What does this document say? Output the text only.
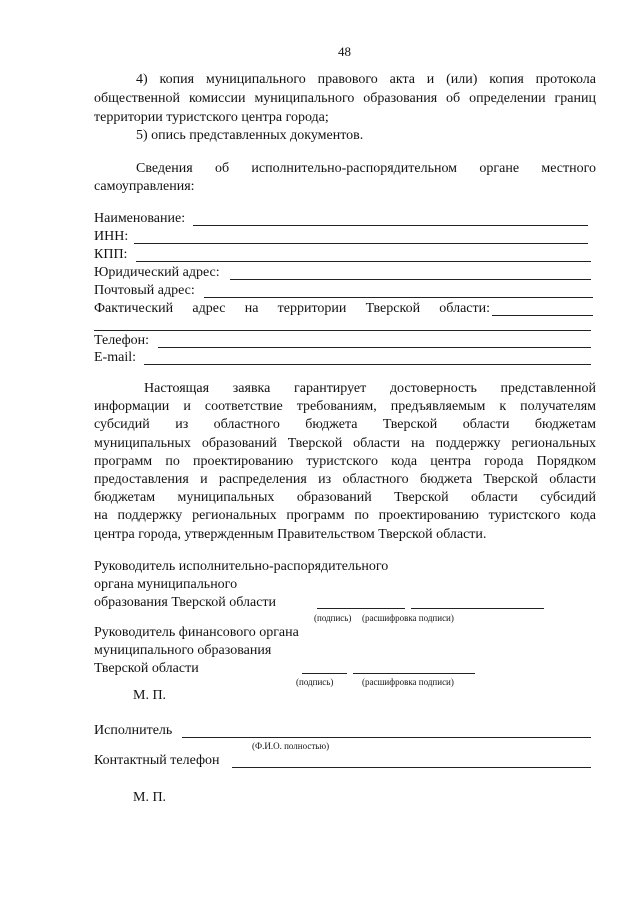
48
4) копия муниципального правового акта и (или) копия протокола
общественной комиссии муниципального образования об определении границ
территории туристского центра города;
5) опись представленных документов.
Сведения об исполнительно-распорядительном органе местного
самоуправления:
Наименование:
ИНН:
КПП:
Юридический адрес:
Почтовый адрес:
Фактический адрес на территории Тверской области:
Телефон:
E-mail:
Настоящая заявка гарантирует достоверность представленной
информации и соответствие требованиям, предъявляемым к получателям
субсидий из областного бюджета Тверской области бюджетам
муниципальных образований Тверской области на поддержку региональных
программ по проектированию туристского кода центра города Порядком
предоставления и распределения из областного бюджета Тверской области
бюджетам муниципальных образований Тверской области субсидий
на поддержку региональных программ по проектированию туристского кода
центра города, утвержденным Правительством Тверской области.
Руководитель исполнительно-распорядительного
органа муниципального
образования Тверской области
(подпись) (расшифровка подписи)
Руководитель финансового органа
муниципального образования
Тверской области
(подпись)	(расшифровка подписи)
М. П.
Исполнитель
(Ф.И.О. полностью)
Контактный телефон
М. П.
